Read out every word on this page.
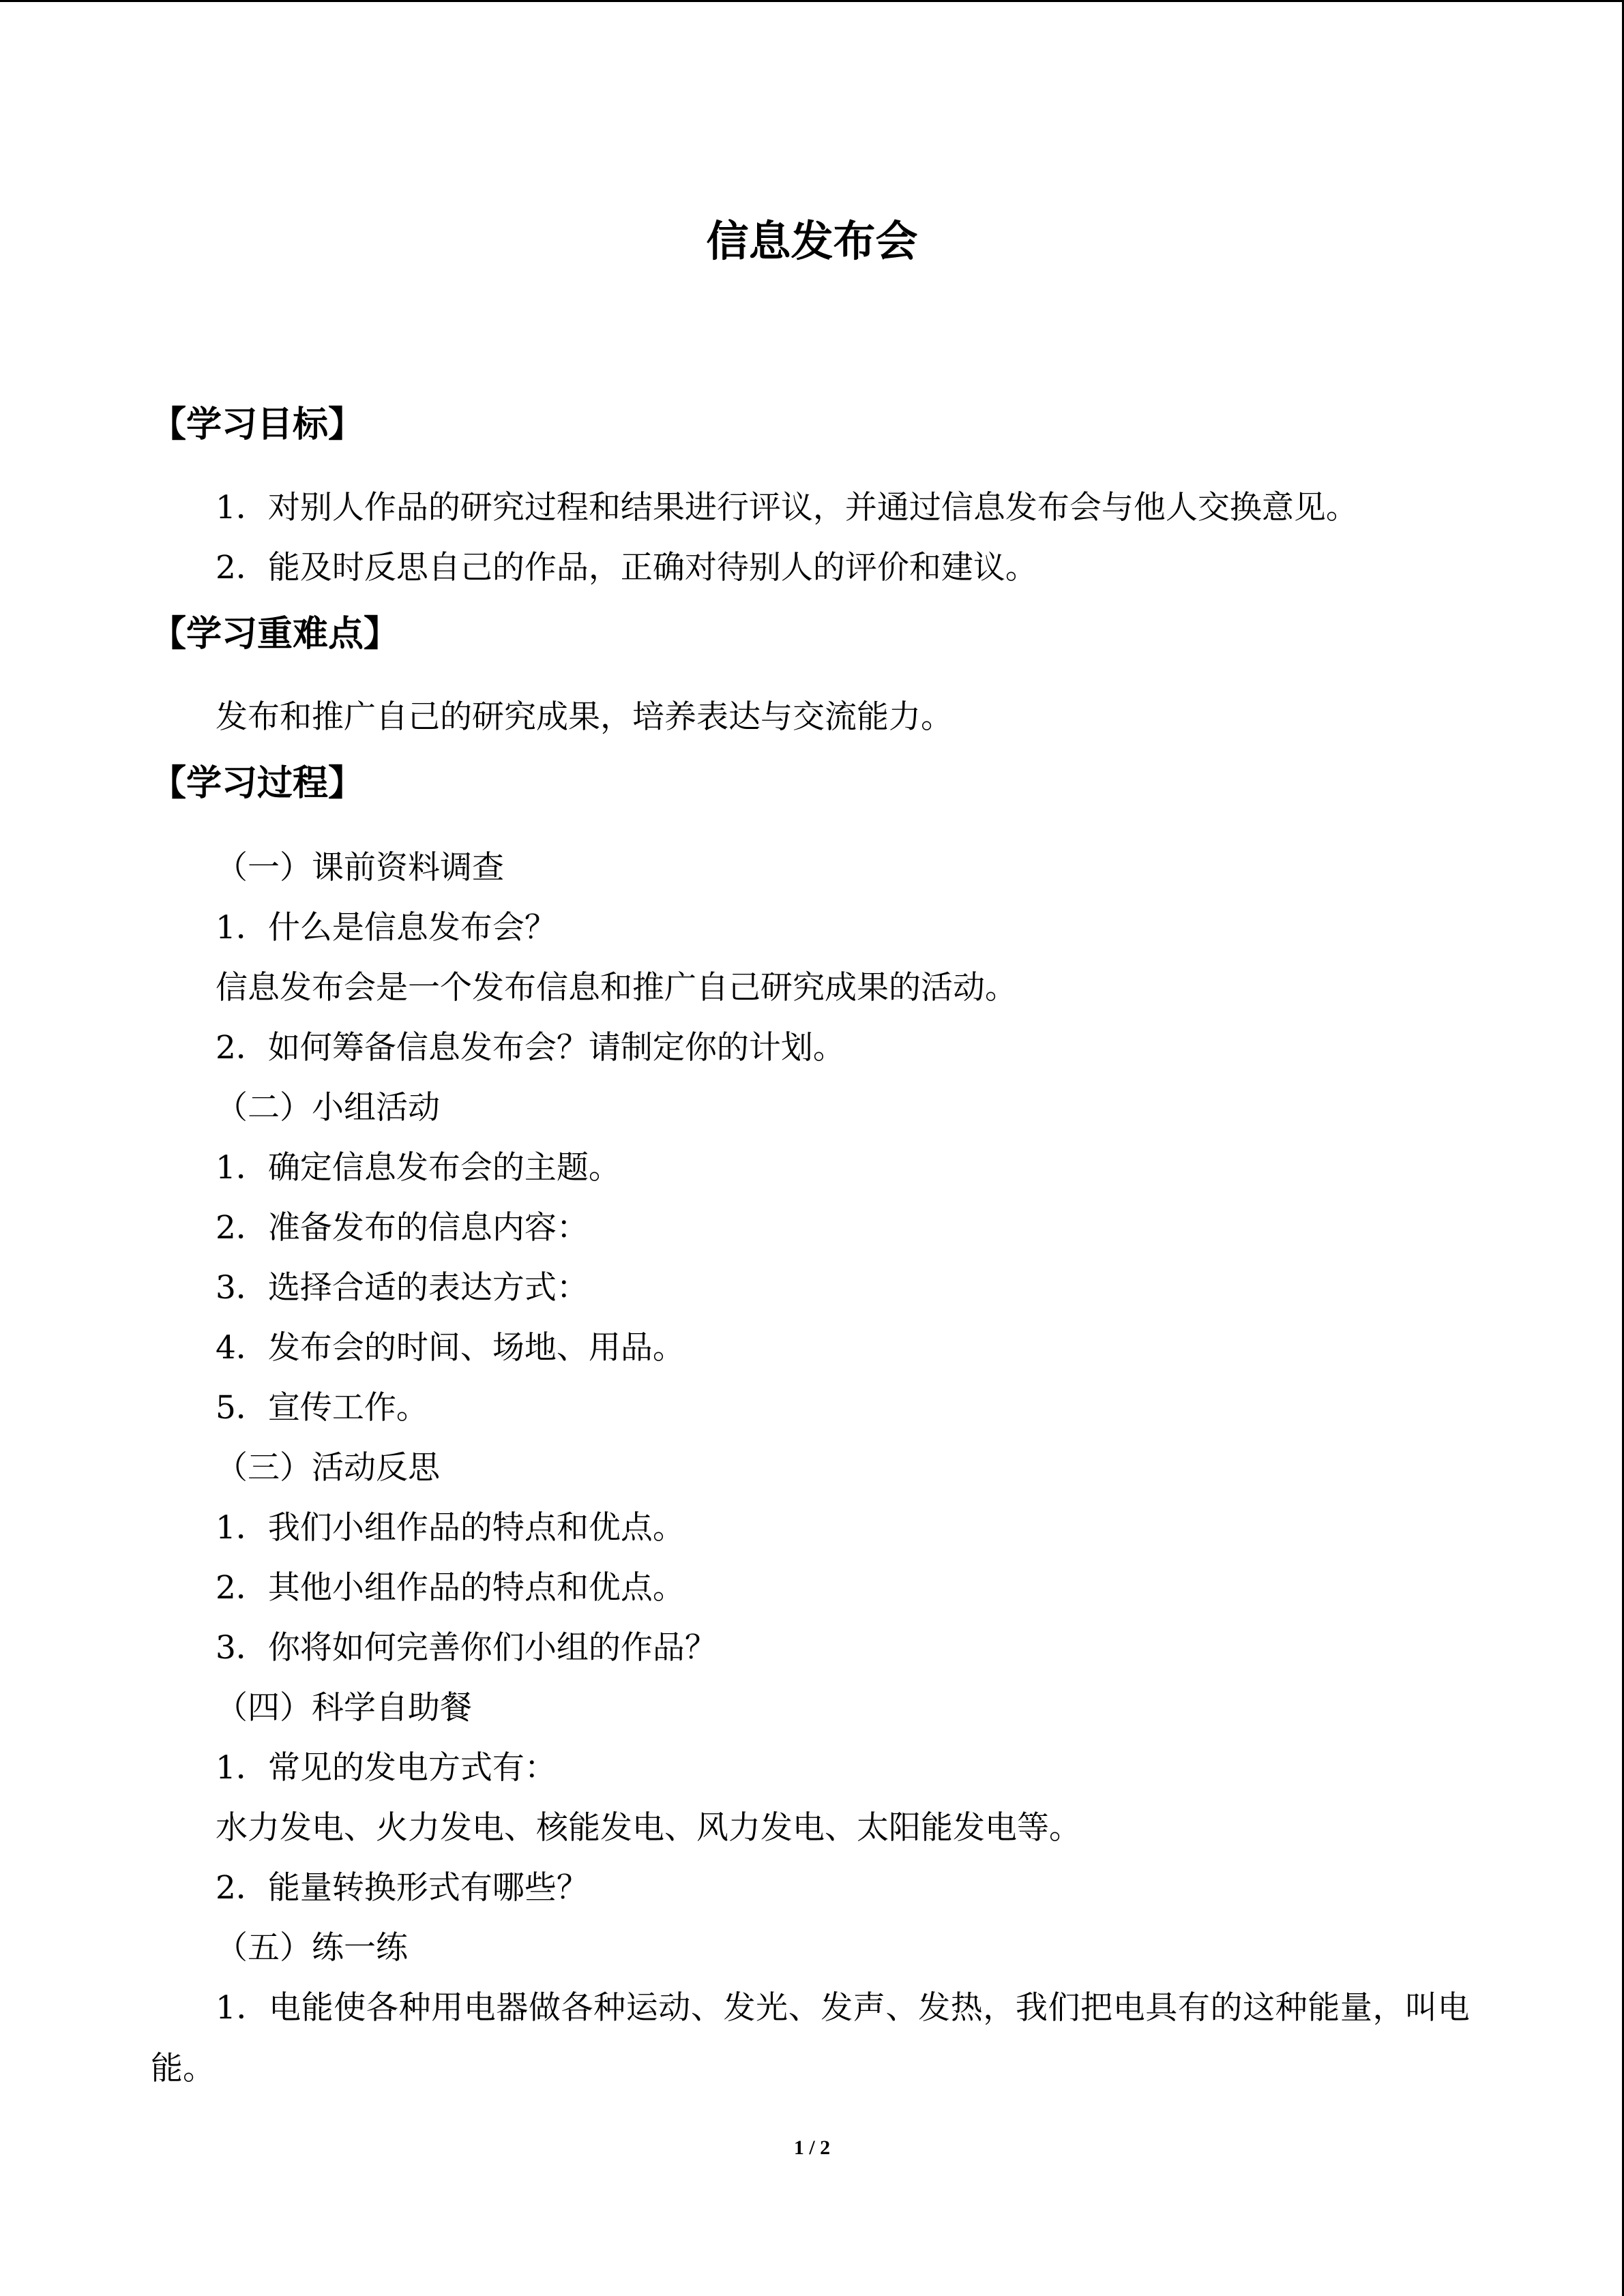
信息发布会
【学习目标】
1．对别人作品的研究过程和结果进行评议，并通过信息发布会与他人交换意见。
2．能及时反思自己的作品，正确对待别人的评价和建议。
【学习重难点】
发布和推广自己的研究成果，培养表达与交流能力。
【学习过程】
（一）课前资料调查
1．什么是信息发布会？
信息发布会是一个发布信息和推广自己研究成果的活动。
2．如何筹备信息发布会？请制定你的计划。
（二）小组活动
1．确定信息发布会的主题。
2．准备发布的信息内容：
3．选择合适的表达方式：
4．发布会的时间、场地、用品。
5．宣传工作。
（三）活动反思
1．我们小组作品的特点和优点。
2．其他小组作品的特点和优点。
3．你将如何完善你们小组的作品？
（四）科学自助餐
1．常见的发电方式有：
水力发电、火力发电、核能发电、风力发电、太阳能发电等。
2．能量转换形式有哪些？
（五）练一练
1．电能使各种用电器做各种运动、发光、发声、发热，我们把电具有的这种能量，叫电
能。
1 / 2
